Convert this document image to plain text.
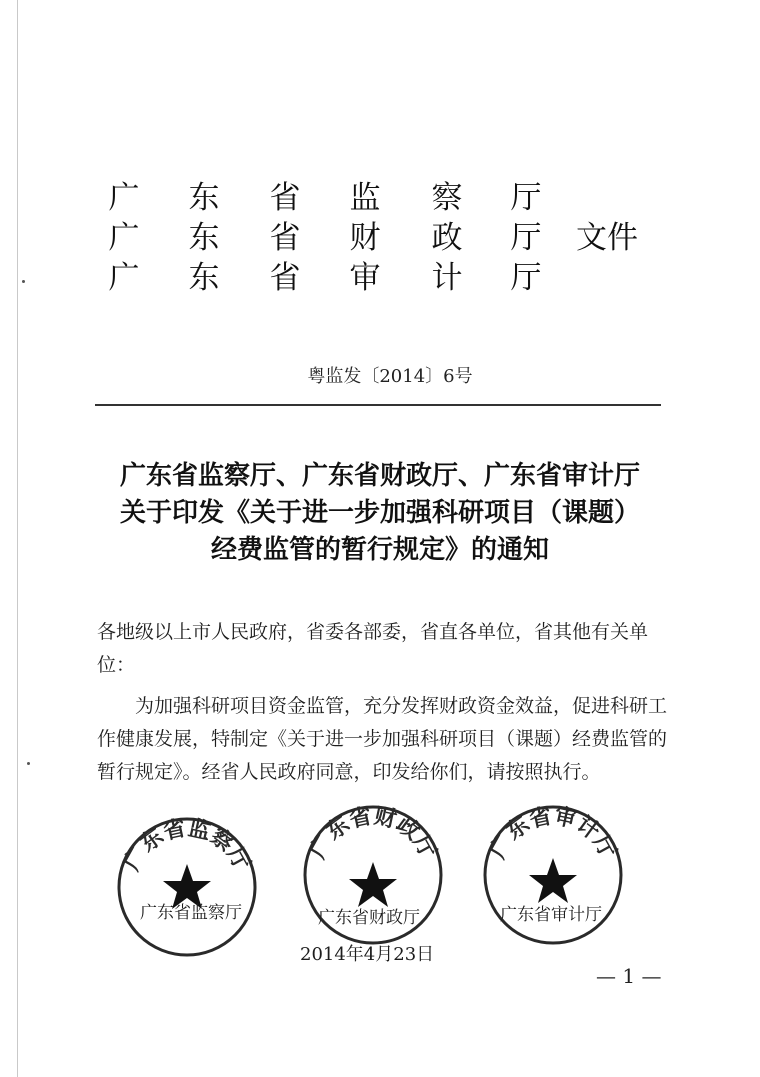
广 东 省 监 察 厅
广 东 省 财 政 厅
广 东 省 审 计 厅
文件
粤监发〔2014〕6号
广东省监察厅、广东省财政厅、广东省审计厅
关于印发《关于进一步加强科研项目（课题）
经费监管的暂行规定》的通知
各地级以上市人民政府，省委各部委，省直各单位，省其他有关单位：
为加强科研项目资金监管，充分发挥财政资金效益，促进科研工作健康发展，特制定《关于进一步加强科研项目（课题）经费监管的暂行规定》。经省人民政府同意，印发给你们，请按照执行。
广东省监察厅 广东省财政厅 广东省审计厅
广东省监察厅	广东省财政厅	广东省审计厅
2014年4月23日
— 1 —
